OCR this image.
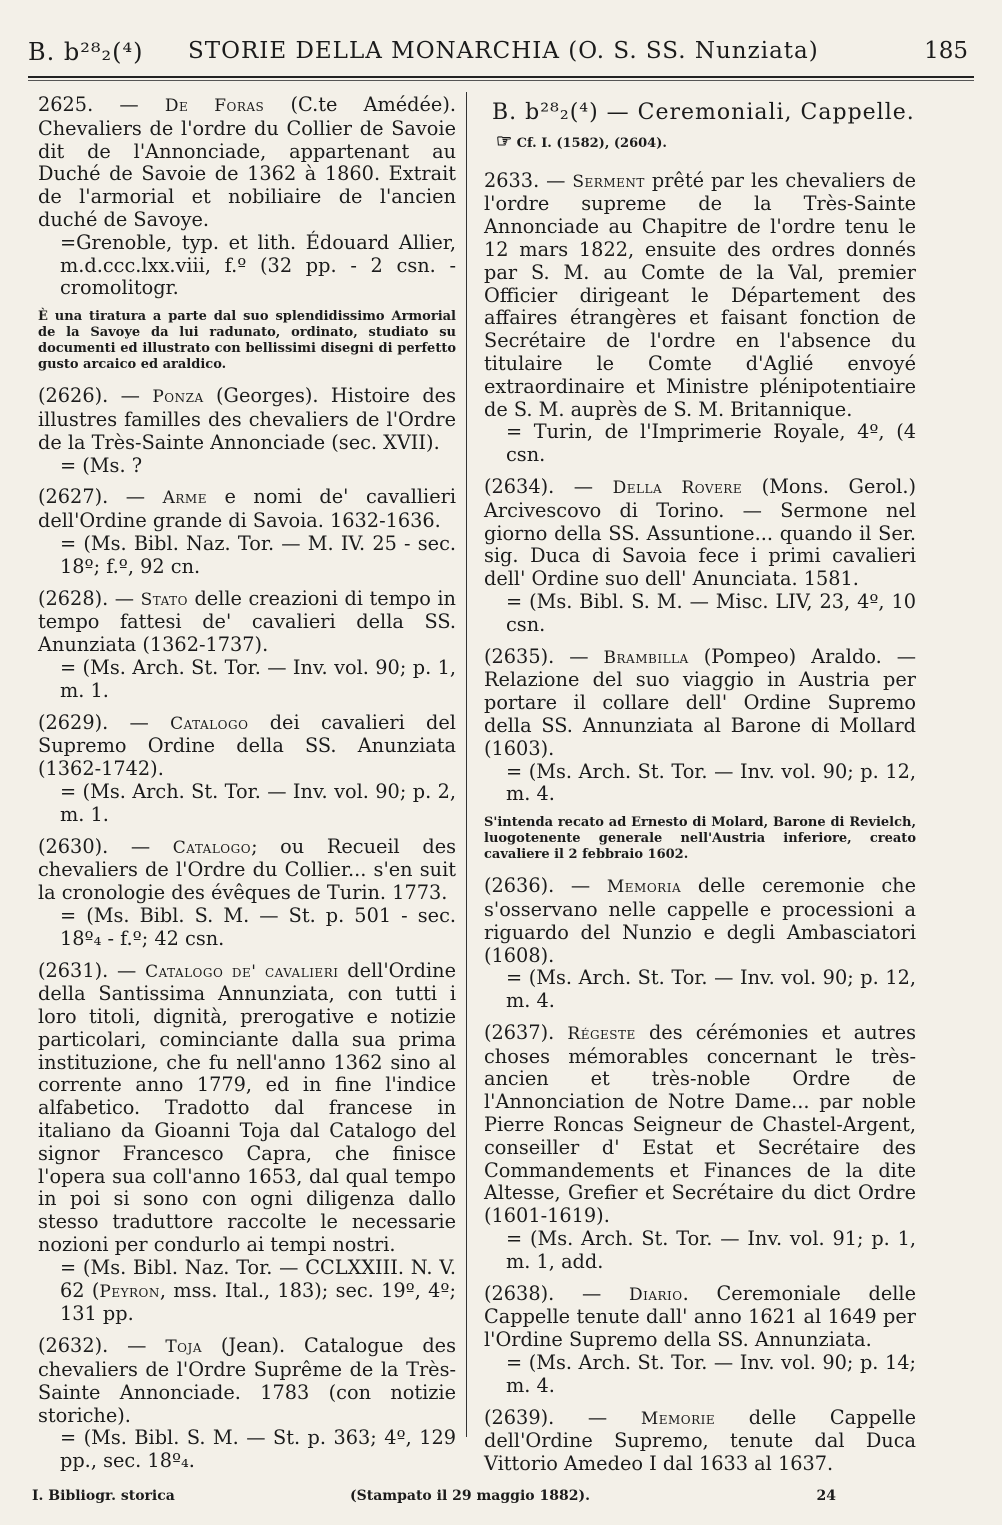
B. b²⁸₂(⁴) STORIE DELLA MONARCHIA (O. S. SS. Nunziata)	185
2625. — De Foras (C.te Amédée). Chevaliers de l'ordre du Collier de Savoie dit de l'Annonciade, appartenant au Duché de Savoie de 1362 à 1860. Extrait de l'armorial et nobiliaire de l'ancien duché de Savoye.
=Grenoble, typ. et lith. Édouard Allier, m.d.ccc.lxx.viii, f.º (32 pp. - 2 csn. - cromolitogr.
È una tiratura a parte dal suo splendidissimo Armorial de la Savoye da lui radunato, ordinato, studiato su documenti ed illustrato con bellissimi disegni di perfetto gusto arcaico ed araldico.
(2626). — Ponza (Georges). Histoire des illustres familles des chevaliers de l'Ordre de la Très-Sainte Annonciade (sec. XVII).
= (Ms. ?
(2627). — Arme e nomi de' cavallieri dell'Ordine grande di Savoia. 1632-1636.
= (Ms. Bibl. Naz. Tor. — M. IV. 25 - sec. 18º; f.º, 92 cn.
(2628). — Stato delle creazioni di tempo in tempo fattesi de' cavalieri della SS. Anunziata (1362-1737).
= (Ms. Arch. St. Tor. — Inv. vol. 90; p. 1, m. 1.
(2629). — Catalogo dei cavalieri del Supremo Ordine della SS. Anunziata (1362-1742).
= (Ms. Arch. St. Tor. — Inv. vol. 90; p. 2, m. 1.
(2630). — Catalogo; ou Recueil des chevaliers de l'Ordre du Collier... s'en suit la cronologie des évêques de Turin. 1773.
= (Ms. Bibl. S. M. — St. p. 501 - sec. 18º₄ - f.º; 42 csn.
(2631). — Catalogo de' cavalieri dell'Ordine della Santissima Annunziata, con tutti i loro titoli, dignità, prerogative e notizie particolari, cominciante dalla sua prima instituzione, che fu nell'anno 1362 sino al corrente anno 1779, ed in fine l'indice alfabetico. Tradotto dal francese in italiano da Gioanni Toja dal Catalogo del signor Francesco Capra, che finisce l'opera sua coll'anno 1653, dal qual tempo in poi si sono con ogni diligenza dallo stesso traduttore raccolte le necessarie nozioni per condurlo ai tempi nostri.
= (Ms. Bibl. Naz. Tor. — CCLXXIII. N. V. 62 (Peyron, mss. Ital., 183); sec. 19º, 4º; 131 pp.
(2632). — Toja (Jean). Catalogue des chevaliers de l'Ordre Suprême de la Très-Sainte Annonciade. 1783 (con notizie storiche).
= (Ms. Bibl. S. M. — St. p. 363; 4º, 129 pp., sec. 18º₄.
B. b²⁸₂(⁴) — Ceremoniali, Cappelle.
☞ Cf. I. (1582), (2604).
2633. — Serment prêté par les chevaliers de l'ordre supreme de la Très-Sainte Annonciade au Chapitre de l'ordre tenu le 12 mars 1822, ensuite des ordres donnés par S. M. au Comte de la Val, premier Officier dirigeant le Département des affaires étrangères et faisant fonction de Secrétaire de l'ordre en l'absence du titulaire le Comte d'Aglié envoyé extraordinaire et Ministre plénipotentiaire de S. M. auprès de S. M. Britannique.
= Turin, de l'Imprimerie Royale, 4º, (4 csn.
(2634). — Della Rovere (Mons. Gerol.) Arcivescovo di Torino. — Sermone nel giorno della SS. Assuntione... quando il Ser. sig. Duca di Savoia fece i primi cavalieri dell' Ordine suo dell' Anunciata. 1581.
= (Ms. Bibl. S. M. — Misc. LIV, 23, 4º, 10 csn.
(2635). — Brambilla (Pompeo) Araldo. — Relazione del suo viaggio in Austria per portare il collare dell' Ordine Supremo della SS. Annunziata al Barone di Mollard (1603).
= (Ms. Arch. St. Tor. — Inv. vol. 90; p. 12, m. 4.
S'intenda recato ad Ernesto di Molard, Barone di Revielch, luogotenente generale nell'Austria inferiore, creato cavaliere il 2 febbraio 1602.
(2636). — Memoria delle ceremonie che s'osservano nelle cappelle e processioni a riguardo del Nunzio e degli Ambasciatori (1608).
= (Ms. Arch. St. Tor. — Inv. vol. 90; p. 12, m. 4.
(2637). Régeste des cérémonies et autres choses mémorables concernant le très-ancien et très-noble Ordre de l'Annonciation de Notre Dame... par noble Pierre Roncas Seigneur de Chastel-Argent, conseiller d' Estat et Secrétaire des Commandements et Finances de la dite Altesse, Grefier et Secrétaire du dict Ordre (1601-1619).
= (Ms. Arch. St. Tor. — Inv. vol. 91; p. 1, m. 1, add.
(2638). — Diario. Ceremoniale delle Cappelle tenute dall' anno 1621 al 1649 per l'Ordine Supremo della SS. Annunziata.
= (Ms. Arch. St. Tor. — Inv. vol. 90; p. 14; m. 4.
(2639). — Memorie delle Cappelle dell'Ordine Supremo, tenute dal Duca Vittorio Amedeo I dal 1633 al 1637.
I. Bibliogr. storica	(Stampato il 29 maggio 1882).	24
